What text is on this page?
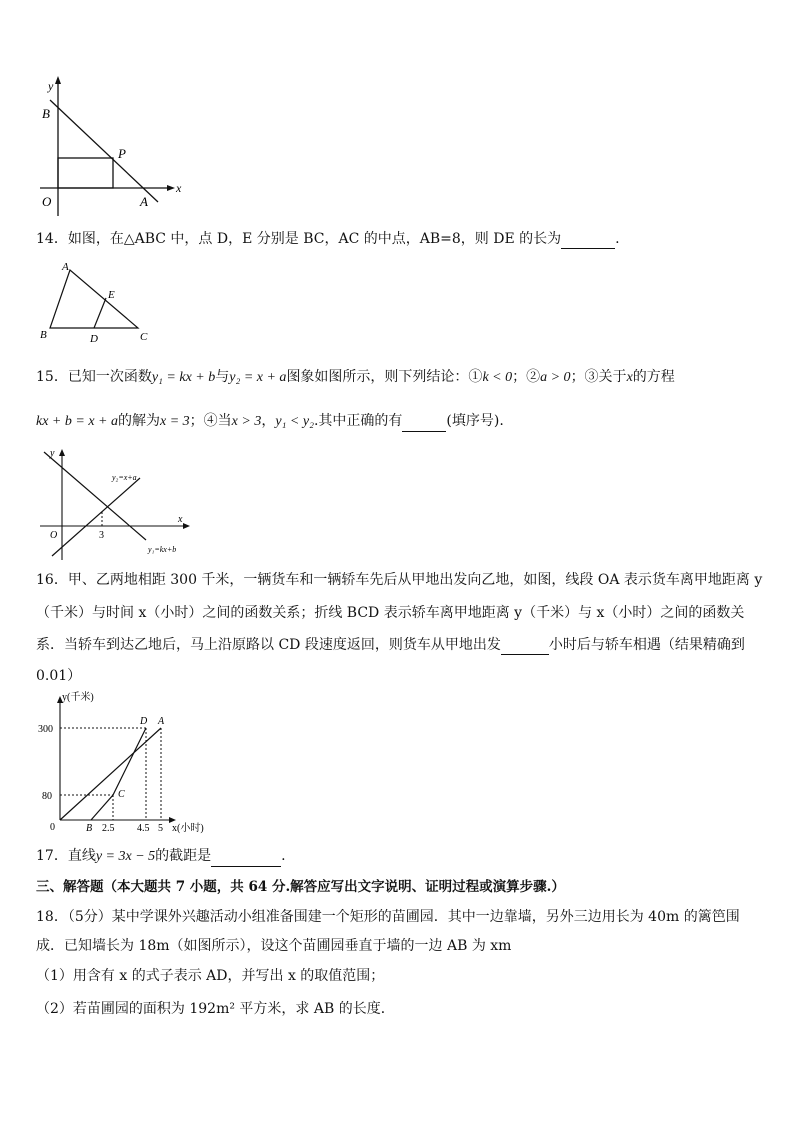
y
B
P
x
O	A
14．如图，在△ABC 中，点 D，E 分别是 BC，AC 的中点，AB=8，则 DE 的长为	.
A
E
B	D	C
15．已知一次函数y₁ = kx + b与y₂ = x + a图象如图所示，则下列结论：①k < 0；②a > 0；③关于x的方程
kx + b = x + a的解为x = 3；④当x > 3，y₁ < y₂.其中正确的有	(填序号).
y
x
O	3
y₂=x+a
y₁=kx+b
16．甲、乙两地相距 300 千米，一辆货车和一辆轿车先后从甲地出发向乙地，如图，线段 OA 表示货车离甲地距离 y
（千米）与时间 x（小时）之间的函数关系；折线 BCD 表示轿车离甲地距离 y（千米）与 x（小时）之间的函数关
系．当轿车到达乙地后，马上沿原路以 CD 段速度返回，则货车从甲地出发	小时后与轿车相遇（结果精确到
0.01）
y(千米)
300
80
0	B 2.5 4.5 5 x(小时)
D A
C
17．直线y = 3x − 5的截距是	.
三、解答题（本大题共 7 小题，共 64 分.解答应写出文字说明、证明过程或演算步骤.）
18．（5分）某中学课外兴趣活动小组准备围建一个矩形的苗圃园．其中一边靠墙，另外三边用长为 40m 的篱笆围
成．已知墙长为 18m（如图所示），设这个苗圃园垂直于墙的一边 AB 为 xm
（1）用含有 x 的式子表示 AD，并写出 x 的取值范围；
（2）若苗圃园的面积为 192m² 平方米，求 AB 的长度．
